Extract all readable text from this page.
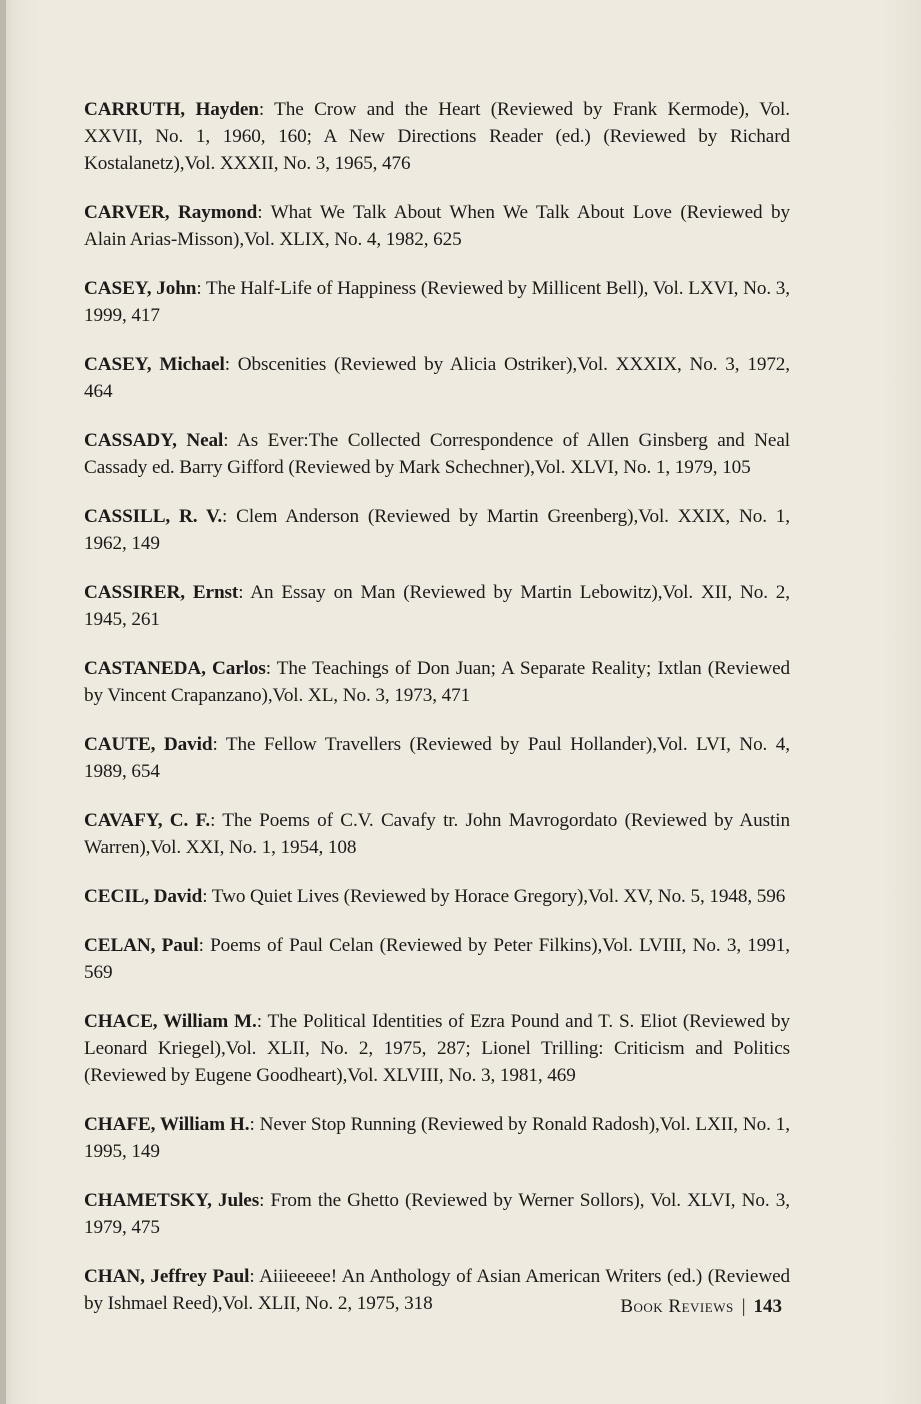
CARRUTH, Hayden: The Crow and the Heart (Reviewed by Frank Kermode), Vol. XXVII, No. 1, 1960, 160; A New Directions Reader (ed.) (Reviewed by Richard Kostalanetz),Vol. XXXII, No. 3, 1965, 476

CARVER, Raymond: What We Talk About When We Talk About Love (Reviewed by Alain Arias-Misson),Vol. XLIX, No. 4, 1982, 625

CASEY, John: The Half-Life of Happiness (Reviewed by Millicent Bell), Vol. LXVI, No. 3, 1999, 417

CASEY, Michael: Obscenities (Reviewed by Alicia Ostriker),Vol. XXXIX, No. 3, 1972, 464

CASSADY, Neal: As Ever:The Collected Correspondence of Allen Ginsberg and Neal Cassady ed. Barry Gifford (Reviewed by Mark Schechner),Vol. XLVI, No. 1, 1979, 105

CASSILL, R. V.: Clem Anderson (Reviewed by Martin Greenberg),Vol. XXIX, No. 1, 1962, 149

CASSIRER, Ernst: An Essay on Man (Reviewed by Martin Lebowitz),Vol. XII, No. 2, 1945, 261

CASTANEDA, Carlos: The Teachings of Don Juan; A Separate Reality; Ixtlan (Reviewed by Vincent Crapanzano),Vol. XL, No. 3, 1973, 471

CAUTE, David: The Fellow Travellers (Reviewed by Paul Hollander),Vol. LVI, No. 4, 1989, 654

CAVAFY, C. F.: The Poems of C.V. Cavafy tr. John Mavrogordato (Reviewed by Austin Warren),Vol. XXI, No. 1, 1954, 108

CECIL, David: Two Quiet Lives (Reviewed by Horace Gregory),Vol. XV, No. 5, 1948, 596

CELAN, Paul: Poems of Paul Celan (Reviewed by Peter Filkins),Vol. LVIII, No. 3, 1991, 569

CHACE, William M.: The Political Identities of Ezra Pound and T. S. Eliot (Reviewed by Leonard Kriegel),Vol. XLII, No. 2, 1975, 287; Lionel Trilling: Criticism and Politics (Reviewed by Eugene Goodheart),Vol. XLVIII, No. 3, 1981, 469

CHAFE, William H.: Never Stop Running (Reviewed by Ronald Radosh),Vol. LXII, No. 1, 1995, 149

CHAMETSKY, Jules: From the Ghetto (Reviewed by Werner Sollors), Vol. XLVI, No. 3, 1979, 475

CHAN, Jeffrey Paul: Aiiieeeee! An Anthology of Asian American Writers (ed.) (Reviewed by Ishmael Reed),Vol. XLII, No. 2, 1975, 318	Book Reviews | 143
